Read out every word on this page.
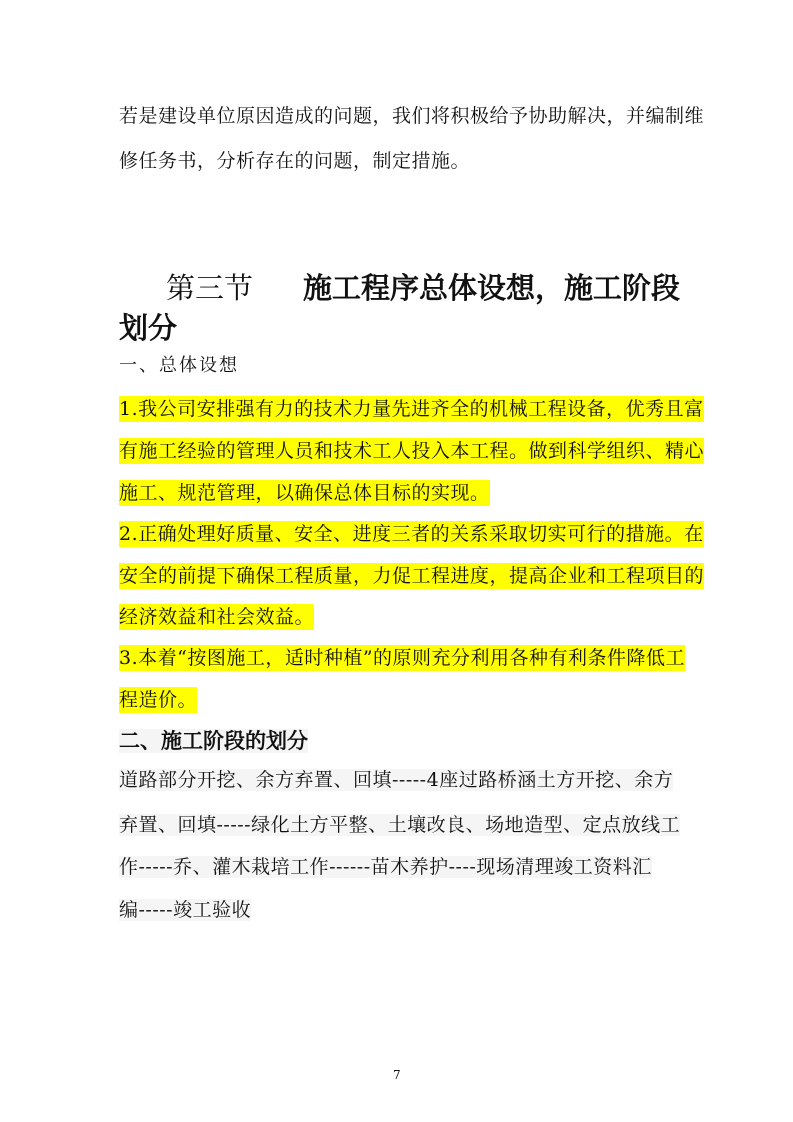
若是建设单位原因造成的问题，我们将积极给予协助解决，并编制维
修任务书，分析存在的问题，制定措施。
第三节 施工程序总体设想，施工阶段
划分
一、总体设想
1.我公司安排强有力的技术力量先进齐全的机械工程设备，优秀且富
有施工经验的管理人员和技术工人投入本工程。做到科学组织、精心
施工、规范管理，以确保总体目标的实现。
2.正确处理好质量、安全、进度三者的关系采取切实可行的措施。在
安全的前提下确保工程质量，力促工程进度，提高企业和工程项目的
经济效益和社会效益。
3.本着“按图施工，适时种植”的原则充分利用各种有利条件降低工
程造价。
二、施工阶段的划分
道路部分开挖、余方弃置、回填-----4座过路桥涵土方开挖、余方
弃置、回填-----绿化土方平整、土壤改良、场地造型、定点放线工
作-----乔、灌木栽培工作------苗木养护----现场清理竣工资料汇
编-----竣工验收
7
